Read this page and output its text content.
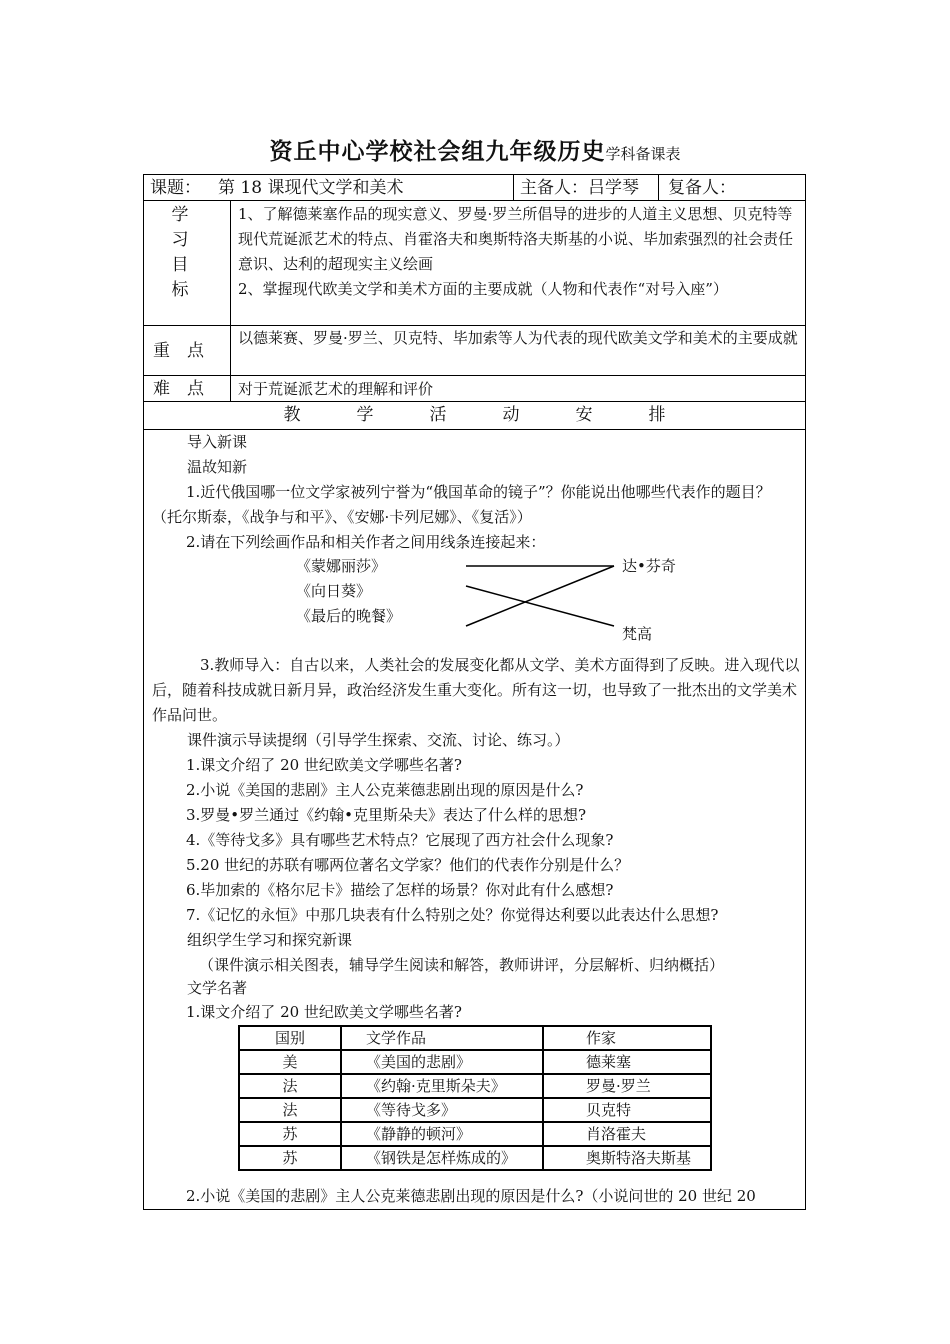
资丘中心学校社会组九年级历史学科备课表
课题： 第 18 课现代文学和美术	主备人：吕学琴 复备人：
学
习
目
标
1、了解德莱塞作品的现实意义、罗曼·罗兰所倡导的进步的人道主义思想、贝克特等现代荒诞派艺术的特点、肖霍洛夫和奥斯特洛夫斯基的小说、毕加索强烈的社会责任意识、达利的超现实主义绘画
2、掌握现代欧美文学和美术方面的主要成就（人物和代表作“对号入座”）
重　点
以德莱赛、罗曼·罗兰、贝克特、毕加索等人为代表的现代欧美文学和美术的主要成就
难　点 对于荒诞派艺术的理解和评价
教	学	活	动	安	排
导入新课
温故知新
1.近代俄国哪一位文学家被列宁誉为“俄国革命的镜子”？你能说出他哪些代表作的题目？（托尔斯泰，《战争与和平》、《安娜·卡列尼娜》、《复活》）
2.请在下列绘画作品和相关作者之间用线条连接起来：
《蒙娜丽莎》
《向日葵》
《最后的晚餐》
达•芬奇
梵高
3.教师导入：自古以来，人类社会的发展变化都从文学、美术方面得到了反映。进入现代以后，随着科技成就日新月异，政治经济发生重大变化。所有这一切，也导致了一批杰出的文学美术作品问世。
课件演示导读提纲（引导学生探索、交流、讨论、练习。）
1.课文介绍了 20 世纪欧美文学哪些名著?
2.小说《美国的悲剧》主人公克莱德悲剧出现的原因是什么?
3.罗曼•罗兰通过《约翰•克里斯朵夫》表达了什么样的思想?
4.《等待戈多》具有哪些艺术特点？它展现了西方社会什么现象?
5.20 世纪的苏联有哪两位著名文学家？他们的代表作分别是什么？
6.毕加索的《格尔尼卡》描绘了怎样的场景？你对此有什么感想?
7.《记忆的永恒》中那几块表有什么特别之处？你觉得达利要以此表达什么思想?
组织学生学习和探究新课
（课件演示相关图表，辅导学生阅读和解答，教师讲评，分层解析、归纳概括）
文学名著
1.课文介绍了 20 世纪欧美文学哪些名著?
国别	文学作品	作家
美	《美国的悲剧》	德莱塞
法	《约翰·克里斯朵夫》	罗曼·罗兰
法	《等待戈多》	贝克特
苏	《静静的顿河》	肖洛霍夫
苏	《钢铁是怎样炼成的》	奥斯特洛夫斯基
2.小说《美国的悲剧》主人公克莱德悲剧出现的原因是什么?（小说问世的 20 世纪 20
